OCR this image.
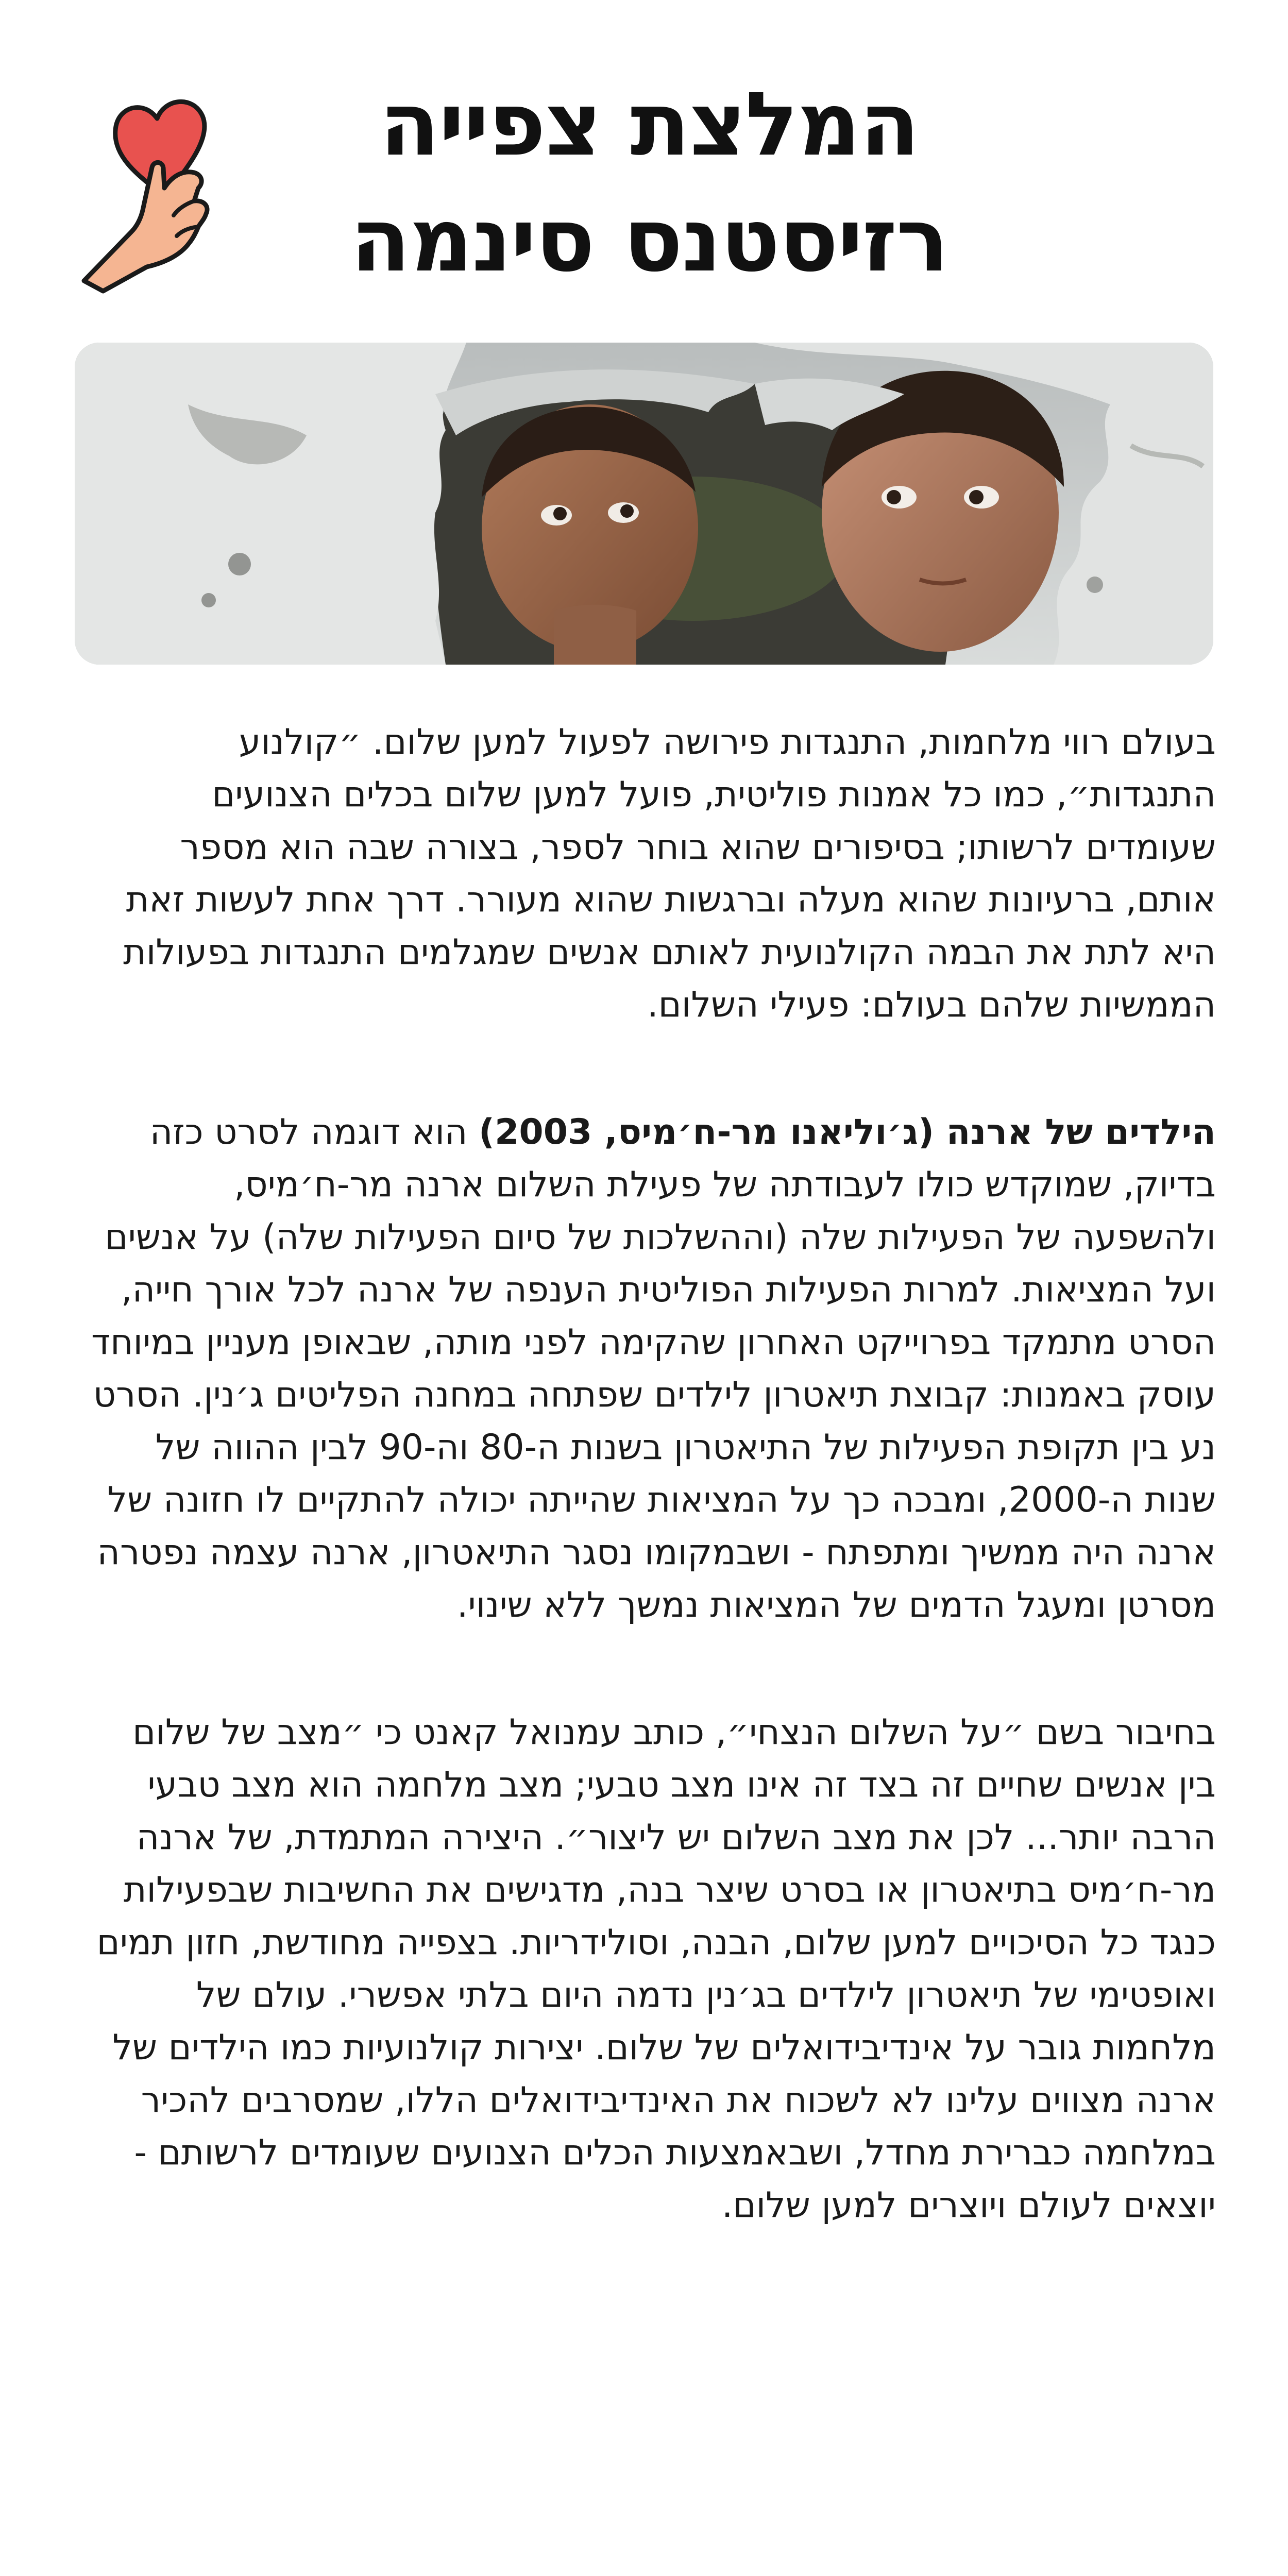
המלצת צפייה
רזיסטנס סינמה

בעולם רווי מלחמות, התנגדות פירושה לפעול למען שלום. ״קולנוע התנגדות״, כמו כל אמנות פוליטית, פועל למען שלום בכלים הצנועים שעומדים לרשותו; בסיפורים שהוא בוחר לספר, בצורה שבה הוא מספר אותם, ברעיונות שהוא מעלה וברגשות שהוא מעורר. דרך אחת לעשות זאת היא לתת את הבמה הקולנועית לאותם אנשים שמגלמים התנגדות בפעולות הממשיות שלהם בעולם: פעילי השלום.

הילדים של ארנה (ג׳וליאנו מר-ח׳מיס, 2003) הוא דוגמה לסרט כזה בדיוק, שמוקדש כולו לעבודתה של פעילת השלום ארנה מר-ח׳מיס, ולהשפעה של הפעילות שלה (וההשלכות של סיום הפעילות שלה) על אנשים ועל המציאות. למרות הפעילות הפוליטית הענפה של ארנה לכל אורך חייה, הסרט מתמקד בפרוייקט האחרון שהקימה לפני מותה, שבאופן מעניין במיוחד עוסק באמנות: קבוצת תיאטרון לילדים שפתחה במחנה הפליטים ג׳נין. הסרט נע בין תקופת הפעילות של התיאטרון בשנות ה-80 וה-90 לבין ההווה של שנות ה-2000, ומבכה כך על המציאות שהייתה יכולה להתקיים לו חזונה של ארנה היה ממשיך ומתפתח - ושבמקומו נסגר התיאטרון, ארנה עצמה נפטרה מסרטן ומעגל הדמים של המציאות נמשך ללא שינוי.

בחיבור בשם ״על השלום הנצחי״, כותב עמנואל קאנט כי ״מצב של שלום בין אנשים שחיים זה בצד זה אינו מצב טבעי; מצב מלחמה הוא מצב טבעי הרבה יותר... לכן את מצב השלום יש ליצור״. היצירה המתמדת, של ארנה מר-ח׳מיס בתיאטרון או בסרט שיצר בנה, מדגישים את החשיבות שבפעילות כנגד כל הסיכויים למען שלום, הבנה, וסולידריות. בצפייה מחודשת, חזון תמים ואופטימי של תיאטרון לילדים בג׳נין נדמה היום בלתי אפשרי. עולם של מלחמות גובר על אינדיבידואלים של שלום. יצירות קולנועיות כמו הילדים של ארנה מצווים עלינו לא לשכוח את האינדיבידואלים הללו, שמסרבים להכיר במלחמה כברירת מחדל, ושבאמצעות הכלים הצנועים שעומדים לרשותם - יוצאים לעולם ויוצרים למען שלום.
